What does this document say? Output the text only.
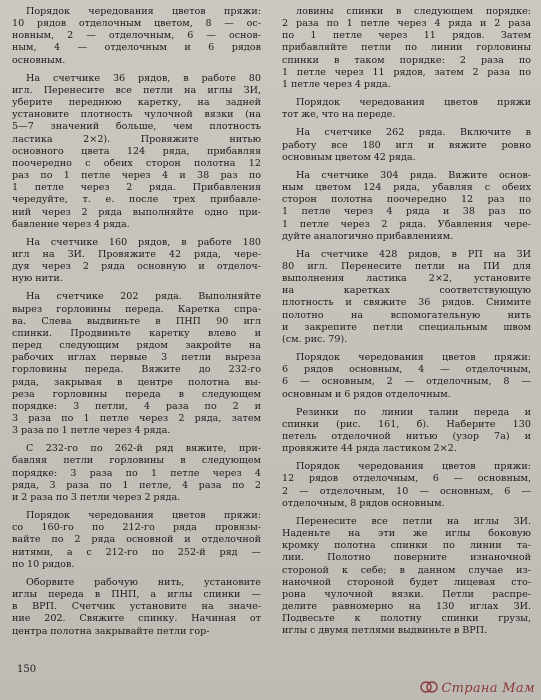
Порядок чередования цветов пряжи:
10 рядов отделочным цветом, 8 — ос-
новным, 2 — отделочным, 6 — основ-
ным, 4 — отделочным и 6 рядов
основным.

На счетчике 36 рядов, в работе 80
игл. Перенесите все петли на иглы ЗИ,
уберите переднюю каретку, на задней
установите плотность чулочной вязки (на
5—7 значений больше, чем плотность
ластика 2×2). Провяжите нитью
основного цвета 124 ряда, прибавляя
поочередно с обеих сторон полотна 12
раз по 1 петле через 4 и 38 раз по
1 петле через 2 ряда. Прибавления
чередуйте, т. е. после трех прибавле-
ний через 2 ряда выполняйте одно при-
бавление через 4 ряда.

На счетчике 160 рядов, в работе 180
игл на ЗИ. Провяжите 42 ряда, чере-
дуя через 2 ряда основную и отделоч-
ную нити.

На счетчике 202 ряда. Выполняйте
вырез горловины переда. Каретка спра-
ва. Слева выдвиньте в ПНП 90 игл
спинки. Продвиньте каретку влево и
перед следующим рядом закройте на
рабочих иглах первые 3 петли выреза
горловины переда. Вяжите до 232-го
ряда, закрывая в центре полотна вы-
реза горловины переда в следующем
порядке: 3 петли, 4 раза по 2 и
3 раза по 1 петле через 2 ряда, затем
3 раза по 1 петле через 4 ряда.

С 232-го по 262-й ряд вяжите, при-
бавляя петли горловины в следующем
порядке: 3 раза по 1 петле через 4
ряда, 3 раза по 1 петле, 4 раза по 2
и 2 раза по 3 петли через 2 ряда.

Порядок чередования цветов пряжи:
со 160-го по 212-го ряда провязы-
вайте по 2 ряда основной и отделочной
нитями, а с 212-го по 252-й ряд —
по 10 рядов.

Оборвите рабочую нить, установите
иглы переда в ПНП, а иглы спинки —
в ВРП. Счетчик установите на значе-
ние 202. Свяжите спинку. Начиная от
центра полотна закрывайте петли гор-

ловины спинки в следующем порядке:
2 раза по 1 петле через 4 ряда и 2 раза
по 1 петле через 11 рядов. Затем
прибавляйте петли по линии горловины
спинки в таком порядке: 2 раза по
1 петле через 11 рядов, затем 2 раза по
1 петле через 4 ряда.

Порядок чередования цветов пряжи
тот же, что на переде.

На счетчике 262 ряда. Включите в
работу все 180 игл и вяжите ровно
основным цветом 42 ряда.

На счетчике 304 ряда. Вяжите основ-
ным цветом 124 ряда, убавляя с обеих
сторон полотна поочередно 12 раз по
1 петле через 4 ряда и 38 раз по
1 петле через 2 ряда. Убавления чере-
дуйте аналогично прибавлениям.

На счетчике 428 рядов, в РП на ЗИ
80 игл. Перенесите петли на ПИ для
выполнения ластика 2×2, установите
на каретках соответствующую
плотность и свяжите 36 рядов. Снимите
полотно на вспомогательную нить
и закрепите петли специальным швом
(см. рис. 79).

Порядок чередования цветов пряжи:
6 рядов основным, 4 — отделочным,
6 — основным, 2 — отделочным, 8 —
основным и 6 рядов отделочным.

Резинки по линии талии переда и
спинки (рис. 161, б). Наберите 130
петель отделочной нитью (узор 7а) и
провяжите 44 ряда ластиком 2×2.

Порядок чередования цветов пряжи:
12 рядов отделочным, 6 — основным,
2 — отделочным, 10 — основным, 6 —
отделочным, 8 рядов основным.

Перенесите все петли на иглы ЗИ.
Наденьте на эти же иглы боковую
кромку полотна спинки по линии та-
лии. Полотно поверните изнаночной
стороной к себе; в данном случае из-
наночной стороной будет лицевая сто-
рона чулочной вязки. Петли распре-
делите равномерно на 130 иглах ЗИ.
Подвесьте к полотну спинки грузы,
иглы с двумя петлями выдвиньте в ВРП.

150
Страна Мам
